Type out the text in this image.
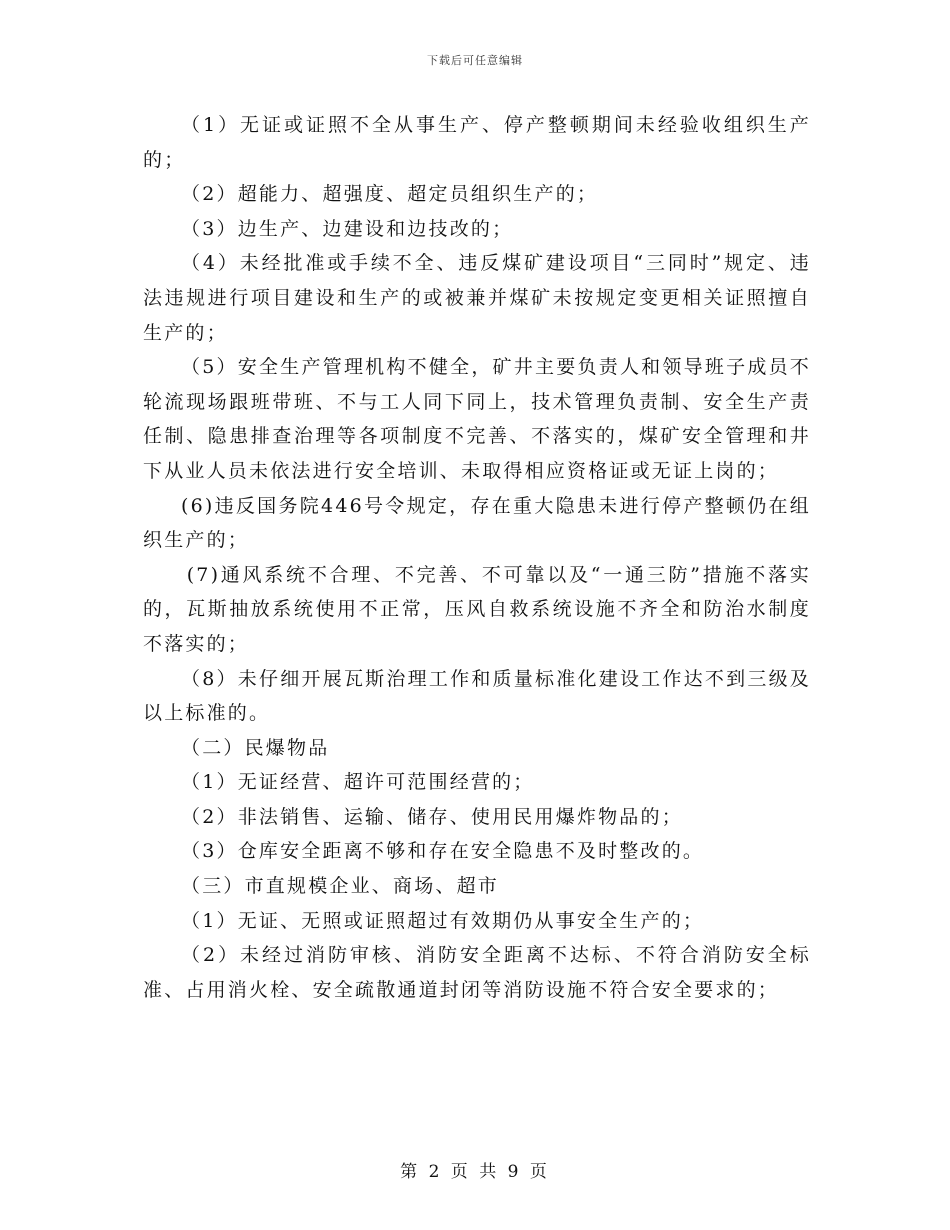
下载后可任意编辑

（1）无证或证照不全从事生产、停产整顿期间未经验收组织生产的；

（2）超能力、超强度、超定员组织生产的；

（3）边生产、边建设和边技改的；

（4）未经批准或手续不全、违反煤矿建设项目“三同时”规定、违法违规进行项目建设和生产的或被兼并煤矿未按规定变更相关证照擅自生产的；

（5）安全生产管理机构不健全，矿井主要负责人和领导班子成员不轮流现场跟班带班、不与工人同下同上，技术管理负责制、安全生产责任制、隐患排查治理等各项制度不完善、不落实的，煤矿安全管理和井下从业人员未依法进行安全培训、未取得相应资格证或无证上岗的；

(6)违反国务院446号令规定，存在重大隐患未进行停产整顿仍在组织生产的；

(7)通风系统不合理、不完善、不可靠以及“一通三防”措施不落实的，瓦斯抽放系统使用不正常，压风自救系统设施不齐全和防治水制度不落实的；

（8）未仔细开展瓦斯治理工作和质量标准化建设工作达不到三级及以上标准的。

（二）民爆物品

（1）无证经营、超许可范围经营的；

（2）非法销售、运输、储存、使用民用爆炸物品的；

（3）仓库安全距离不够和存在安全隐患不及时整改的。

（三）市直规模企业、商场、超市

（1）无证、无照或证照超过有效期仍从事安全生产的；

（2）未经过消防审核、消防安全距离不达标、不符合消防安全标准、占用消火栓、安全疏散通道封闭等消防设施不符合安全要求的；

第 2 页 共 9 页
